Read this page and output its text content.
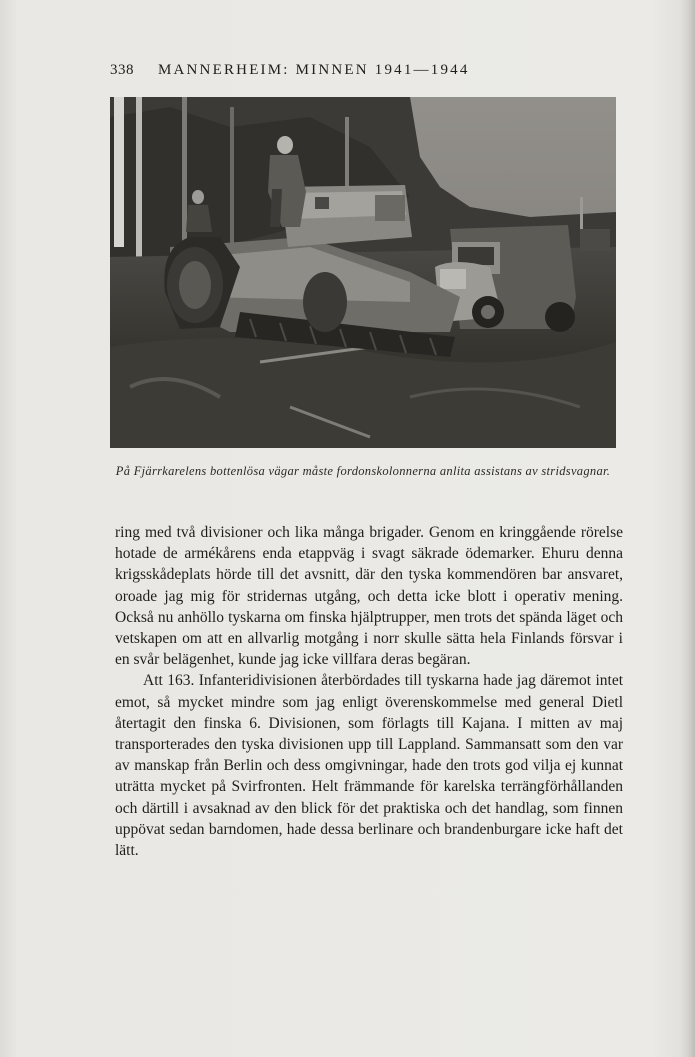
338 MANNERHEIM: MINNEN 1941—1944
På Fjärrkarelens bottenlösa vägar måste fordonskolonnerna anlita assistans av stridsvagnar.

ring med två divisioner och lika många brigader. Genom en kringgående rörelse hotade de armékårens enda etappväg i svagt säkrade ödemarker. Ehuru denna krigsskådeplats hörde till det avsnitt, där den tyska kommendören bar ansvaret, oroade jag mig för stridernas utgång, och detta icke blott i operativ mening. Också nu anhöllo tyskarna om finska hjälptrupper, men trots det spända läget och vetskapen om att en allvarlig motgång i norr skulle sätta hela Finlands försvar i en svår belägenhet, kunde jag icke villfara deras begäran.

Att 163. Infanteridivisionen återbördades till tyskarna hade jag däremot intet emot, så mycket mindre som jag enligt överenskommelse med general Dietl återtagit den finska 6. Divisionen, som förlagts till Kajana. I mitten av maj transporterades den tyska divisionen upp till Lappland. Sammansatt som den var av manskap från Berlin och dess omgivningar, hade den trots god vilja ej kunnat uträtta mycket på Svirfronten. Helt främmande för karelska terrängförhållanden och därtill i avsaknad av den blick för det praktiska och det handlag, som finnen uppövat sedan barndomen, hade dessa berlinare och brandenburgare icke haft det lätt.
